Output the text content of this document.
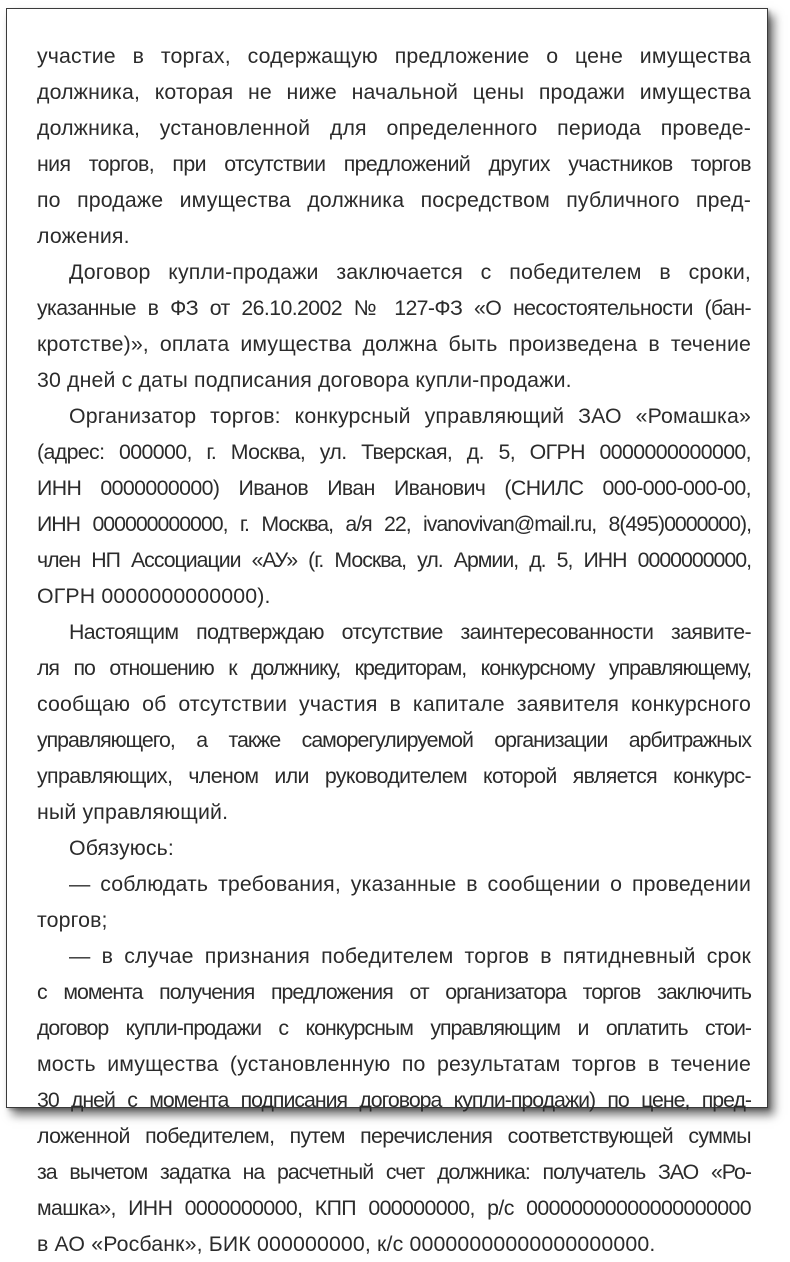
участие в торгах, содержащую предложение о цене имущества
должника, которая не ниже начальной цены продажи имущества
должника, установленной для определенного периода проведе-
ния торгов, при отсутствии предложений других участников торгов
по продаже имущества должника посредством публичного пред-
ложения.

Договор купли-продажи заключается с победителем в сроки,
указанные в ФЗ от 26.10.2002 № 127-ФЗ «О несостоятельности (бан-
кротстве)», оплата имущества должна быть произведена в течение
30 дней с даты подписания договора купли-продажи.

Организатор торгов: конкурсный управляющий ЗАО «Ромашка»
(адрес: 000000, г. Москва, ул. Тверская, д. 5, ОГРН 0000000000000,
ИНН 0000000000) Иванов Иван Иванович (СНИЛС 000-000-000-00,
ИНН 000000000000, г. Москва, а/я 22, ivanovivan@mail.ru, 8(495)0000000),
член НП Ассоциации «АУ» (г. Москва, ул. Армии, д. 5, ИНН 0000000000,
ОГРН 0000000000000).

Настоящим подтверждаю отсутствие заинтересованности заявите-
ля по отношению к должнику, кредиторам, конкурсному управляющему,
сообщаю об отсутствии участия в капитале заявителя конкурсного
управляющего, а также саморегулируемой организации арбитражных
управляющих, членом или руководителем которой является конкурс-
ный управляющий.

Обязуюсь:

— соблюдать требования, указанные в сообщении о проведении
торгов;

— в случае признания победителем торгов в пятидневный срок
с момента получения предложения от организатора торгов заключить
договор купли-продажи с конкурсным управляющим и оплатить стои-
мость имущества (установленную по результатам торгов в течение
30 дней с момента подписания договора купли-продажи) по цене, пред-
ложенной победителем, путем перечисления соответствующей суммы
за вычетом задатка на расчетный счет должника: получатель ЗАО «Ро-
машка», ИНН 0000000000, КПП 000000000, р/с 00000000000000000000
в АО «Росбанк», БИК 000000000, к/с 00000000000000000000.
